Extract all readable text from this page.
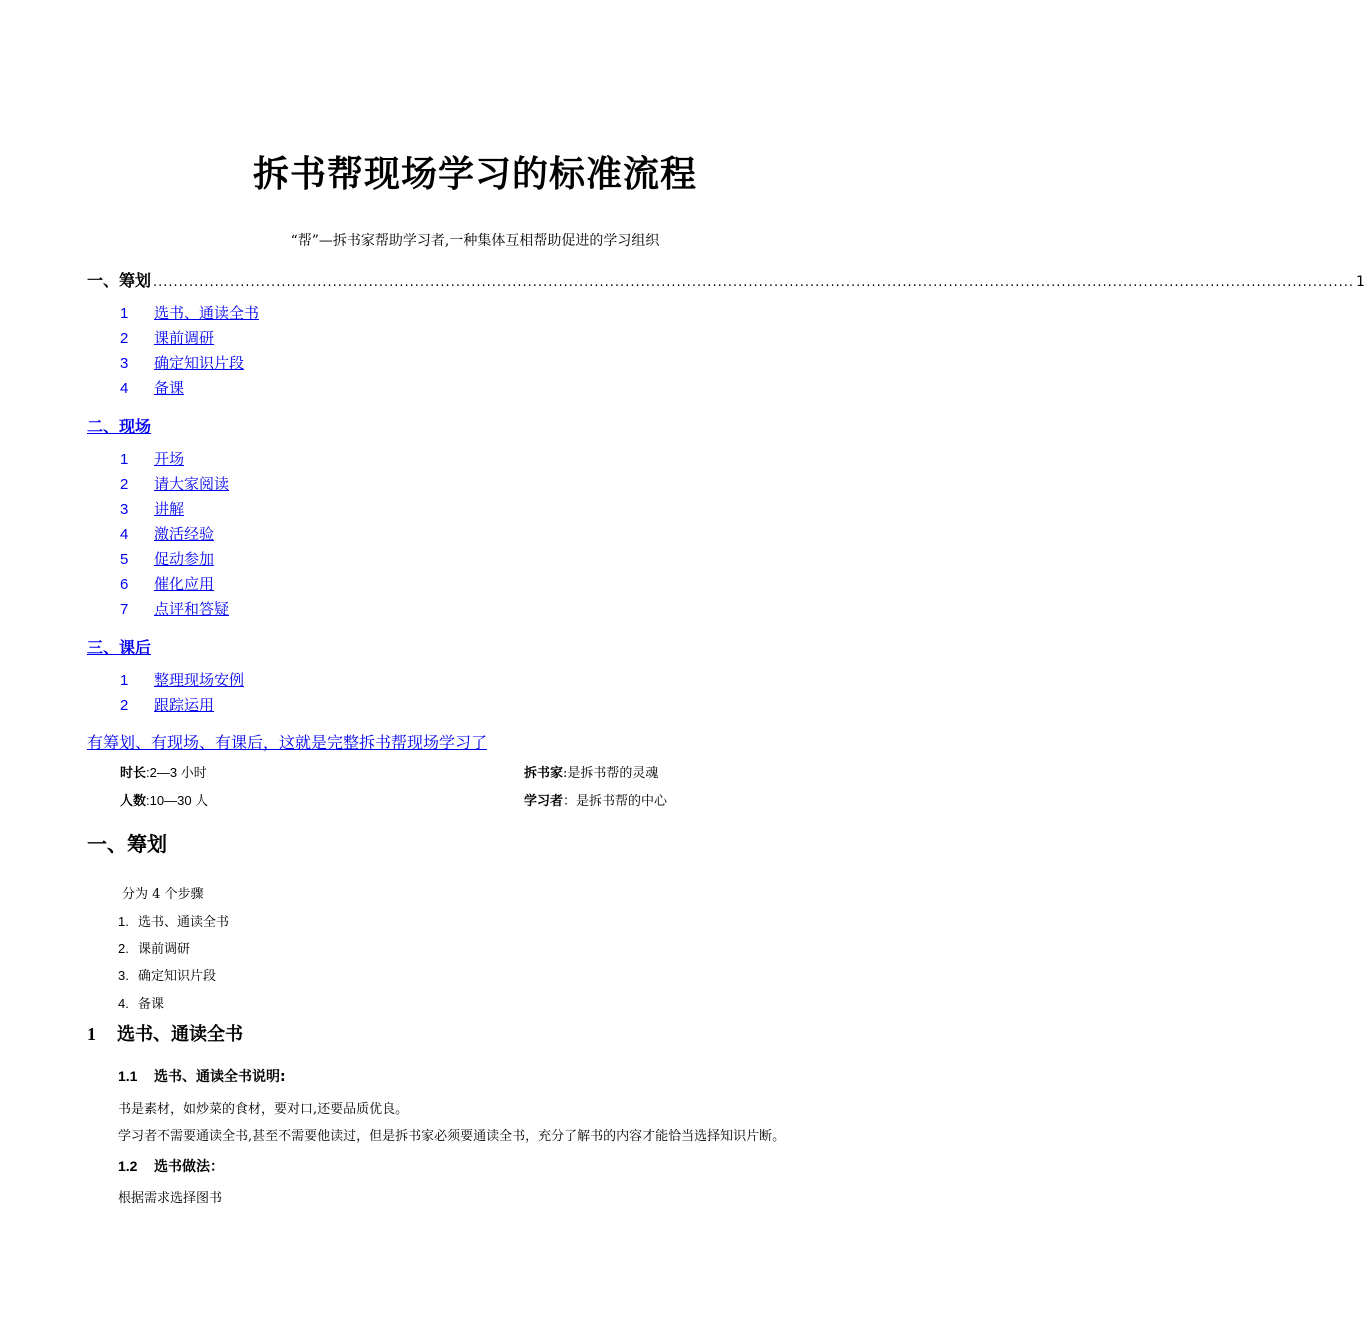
拆书帮现场学习的标准流程
“帮”—拆书家帮助学习者,一种集体互相帮助促进的学习组织
一、筹划 .......................................................................................................................................................................................................................................... 1
1 选书、通读全书
2 课前调研
3 确定知识片段
4 备课
二、现场
1 开场
2 请大家阅读
3 讲解
4 激活经验
5 促动参加
6 催化应用
7 点评和答疑
三、课后
1 整理现场安例
2 跟踪运用
有筹划、有现场、有课后，这就是完整拆书帮现场学习了
时长:2—3 小时
人数:10—30 人
拆书家:是拆书帮的灵魂
学习者：是拆书帮的中心
一、筹划
分为 4 个步骤
1. 选书、通读全书
2. 课前调研
3. 确定知识片段
4. 备课
1 选书、通读全书
1.1 选书、通读全书说明:
书是素材，如炒菜的食材，要对口,还要品质优良。
学习者不需要通读全书,甚至不需要他读过，但是拆书家必须要通读全书，充分了解书的内容才能恰当选择知识片断。
1.2 选书做法：
根据需求选择图书
